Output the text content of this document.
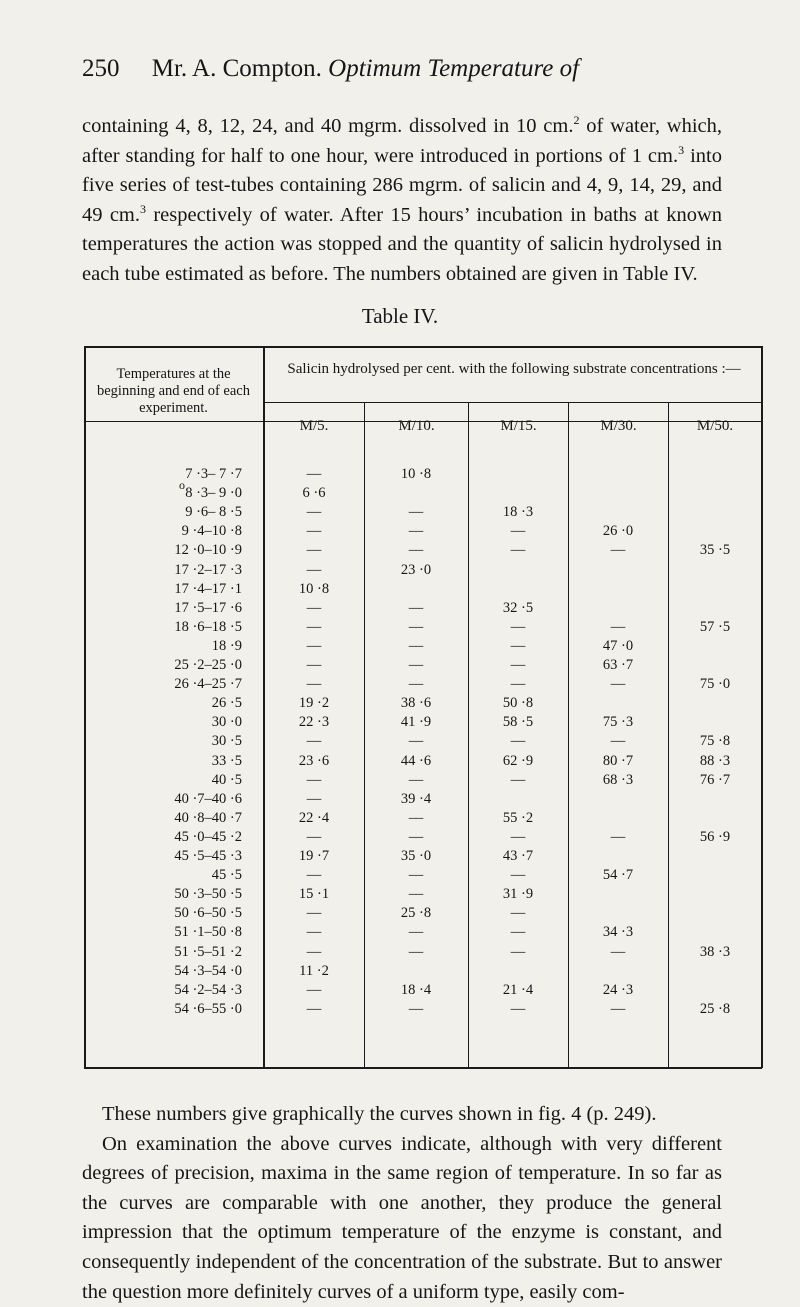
250 Mr. A. Compton. Optimum Temperature of

containing 4, 8, 12, 24, and 40 mgrm. dissolved in 10 cm.$^2$ of water, which, after standing for half to one hour, were introduced in portions of 1 cm.$^3$ into five series of test-tubes containing 286 mgrm. of salicin and 4, 9, 14, 29, and 49 cm.$^3$ respectively of water. After 15 hours’ incubation in baths at known temperatures the action was stopped and the quantity of salicin hydrolysed in each tube estimated as before. The numbers obtained are given in Table IV.

Table IV.
Temperatures at the beginning and end of each experiment.
Salicin hydrolysed per cent. with the following substrate concentrations :—
M/5.	M/10.	M/15.	M/30.	M/50.
7 ·3– 7 ·7	—	10 ·8
8 ·3– 9 ·0	6 ·6
9 ·6– 8 ·5	—	—	18 ·3
9 ·4–10 ·8	—	—	—	26 ·0
12 ·0–10 ·9	—	—	—	—	35 ·5
17 ·2–17 ·3	—	23 ·0
17 ·4–17 ·1	10 ·8
17 ·5–17 ·6	—	—	32 ·5
18 ·6–18 ·5	—	—	—	—	57 ·5
18 ·9	—	—	—	47 ·0
25 ·2–25 ·0	—	—	—	63 ·7
26 ·4–25 ·7	—	—	—	—	75 ·0
26 ·5	19 ·2	38 ·6	50 ·8
30 ·0	22 ·3	41 ·9	58 ·5	75 ·3
30 ·5	—	—	—	—	75 ·8
33 ·5	23 ·6	44 ·6	62 ·9	80 ·7	88 ·3
40 ·5	—	—	—	68 ·3	76 ·7
40 ·7–40 ·6	—	39 ·4
40 ·8–40 ·7	22 ·4	—	55 ·2
45 ·0–45 ·2	—	—	—	—	56 ·9
45 ·5–45 ·3	19 ·7	35 ·0	43 ·7
45 ·5	—	—	—	54 ·7
50 ·3–50 ·5	15 ·1	—	31 ·9
50 ·6–50 ·5	—	25 ·8	—
51 ·1–50 ·8	—	—	—	34 ·3
51 ·5–51 ·2	—	—	—	—	38 ·3
54 ·3–54 ·0	11 ·2
54 ·2–54 ·3	—	18 ·4	21 ·4	24 ·3
54 ·6–55 ·0	—	—	—	—	25 ·8
o

These numbers give graphically the curves shown in fig. 4 (p. 249).

On examination the above curves indicate, although with very different degrees of precision, maxima in the same region of temperature. In so far as the curves are comparable with one another, they produce the general impression that the optimum temperature of the enzyme is constant, and consequently independent of the concentration of the substrate. But to answer the question more definitely curves of a uniform type, easily com-
